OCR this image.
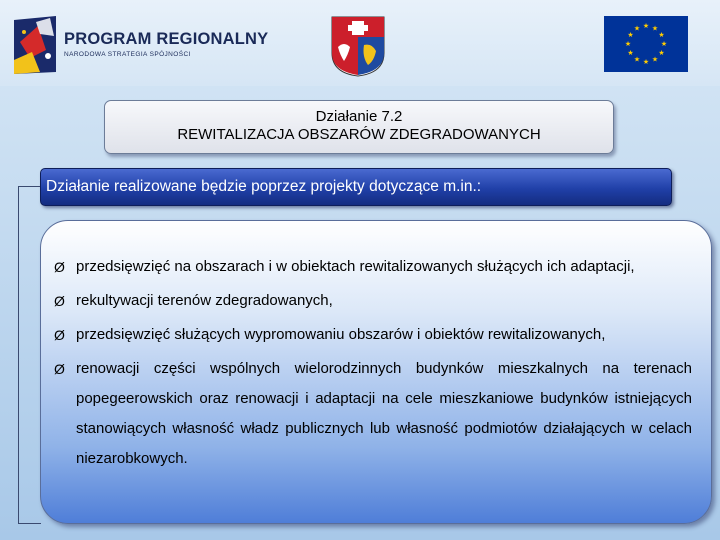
PROGRAM REGIONALNY
NARODOWA STRATEGIA SPÓJNOŚCI
★ ★
★
★
★
★
★
★
★
★
★
★
Działanie 7.2
REWITALIZACJA OBSZARÓW ZDEGRADOWANYCH
Działanie realizowane będzie poprzez projekty dotyczące m.in.:
Ø przedsięwzięć na obszarach i w obiektach rewitalizowanych służących ich adaptacji,
Ø rekultywacji terenów zdegradowanych,
Ø przedsięwzięć służących wypromowaniu obszarów i obiektów rewitalizowanych,
Ø renowacji części wspólnych wielorodzinnych budynków mieszkalnych na terenach popegeerowskich oraz renowacji i adaptacji na cele mieszkaniowe budynków istniejących stanowiących własność władz publicznych lub własność podmiotów działających w celach niezarobkowych.
